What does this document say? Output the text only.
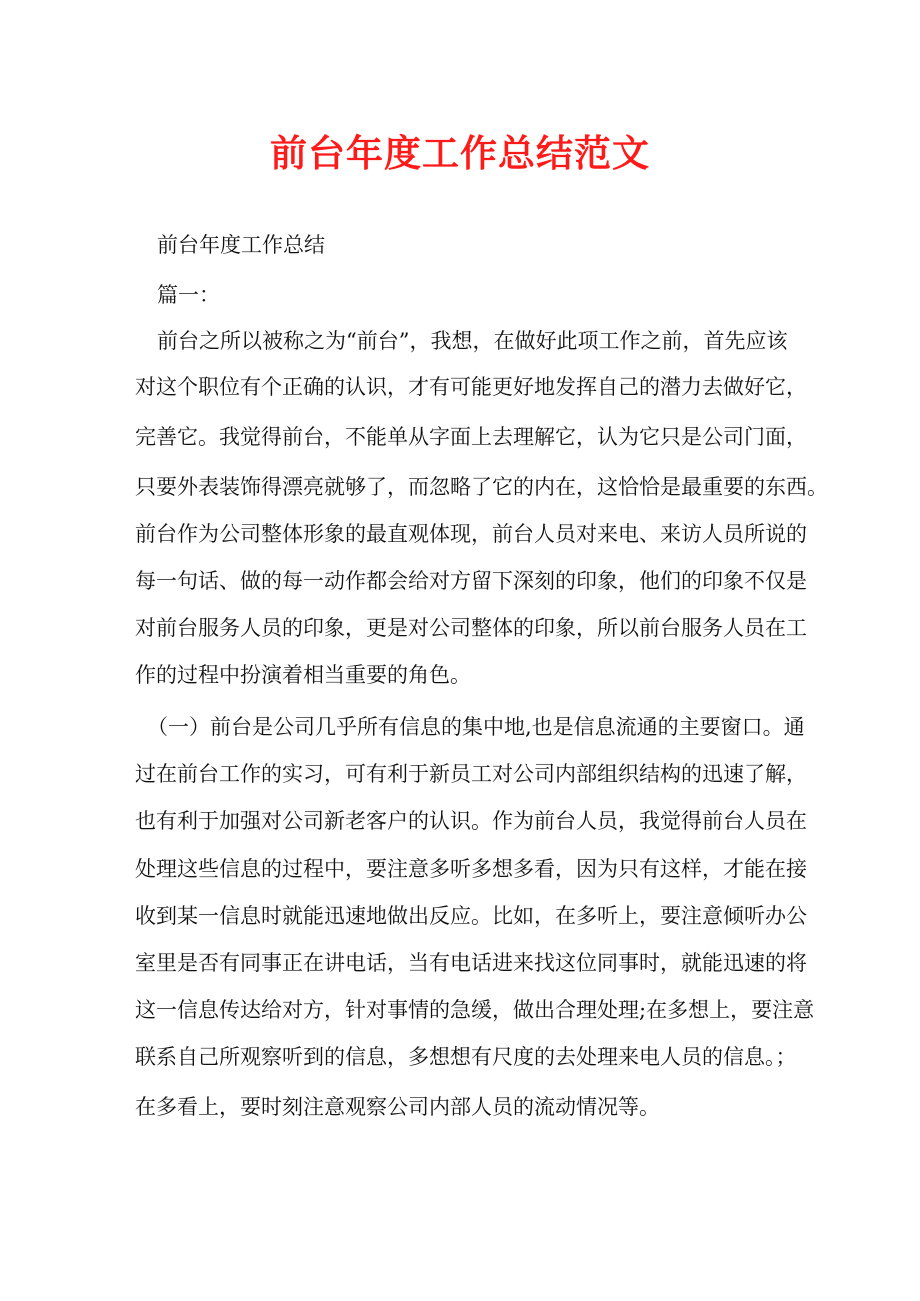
前台年度工作总结范文
前台年度工作总结
篇一：
前台之所以被称之为“前台”，我想，在做好此项工作之前，首先应该
对这个职位有个正确的认识，才有可能更好地发挥自己的潜力去做好它，
完善它。我觉得前台，不能单从字面上去理解它，认为它只是公司门面，
只要外表装饰得漂亮就够了，而忽略了它的内在，这恰恰是最重要的东西。
前台作为公司整体形象的最直观体现，前台人员对来电、来访人员所说的
每一句话、做的每一动作都会给对方留下深刻的印象，他们的印象不仅是
对前台服务人员的印象，更是对公司整体的印象，所以前台服务人员在工
作的过程中扮演着相当重要的角色。
（一）前台是公司几乎所有信息的集中地,也是信息流通的主要窗口。通
过在前台工作的实习，可有利于新员工对公司内部组织结构的迅速了解，
也有利于加强对公司新老客户的认识。作为前台人员，我觉得前台人员在
处理这些信息的过程中，要注意多听多想多看，因为只有这样，才能在接
收到某一信息时就能迅速地做出反应。比如，在多听上，要注意倾听办公
室里是否有同事正在讲电话，当有电话进来找这位同事时，就能迅速的将
这一信息传达给对方，针对事情的急缓，做出合理处理;在多想上，要注意
联系自己所观察听到的信息，多想想有尺度的去处理来电人员的信息。；
在多看上，要时刻注意观察公司内部人员的流动情况等。
